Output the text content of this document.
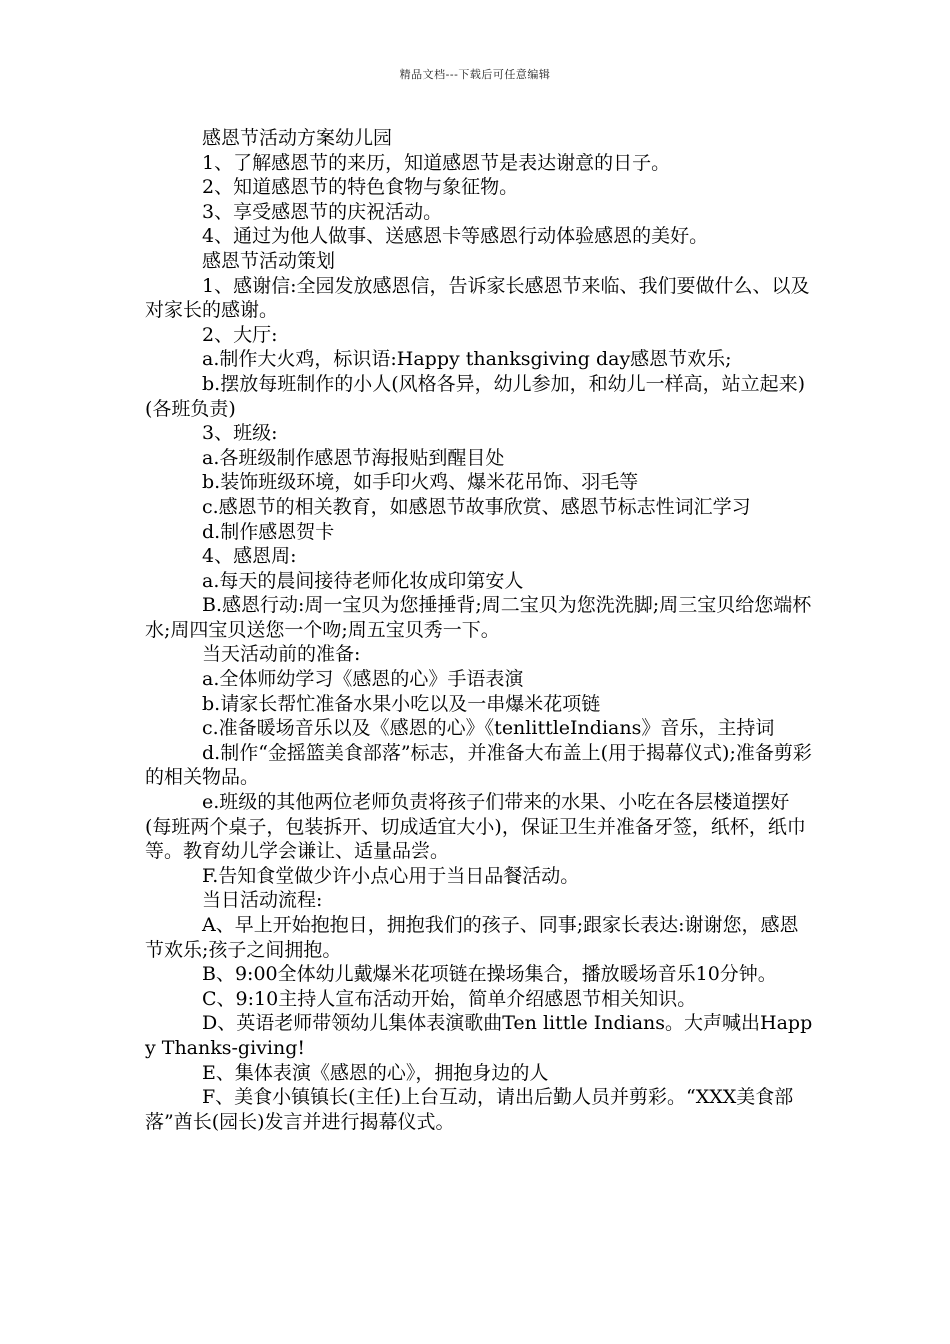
精品文档---下载后可任意编辑

感恩节活动方案幼儿园

1、了解感恩节的来历，知道感恩节是表达谢意的日子。

2、知道感恩节的特色食物与象征物。

3、享受感恩节的庆祝活动。

4、通过为他人做事、送感恩卡等感恩行动体验感恩的美好。

感恩节活动策划

1、感谢信:全园发放感恩信，告诉家长感恩节来临、我们要做什么、以及对家长的感谢。

2、大厅:

a.制作大火鸡，标识语:Happy thanksgiving day感恩节欢乐;

b.摆放每班制作的小人(风格各异，幼儿参加，和幼儿一样高，站立起来)(各班负责)

3、班级:

a.各班级制作感恩节海报贴到醒目处

b.装饰班级环境，如手印火鸡、爆米花吊饰、羽毛等

c.感恩节的相关教育，如感恩节故事欣赏、感恩节标志性词汇学习

d.制作感恩贺卡

4、感恩周:

a.每天的晨间接待老师化妆成印第安人

B.感恩行动:周一宝贝为您捶捶背;周二宝贝为您洗洗脚;周三宝贝给您端杯水;周四宝贝送您一个吻;周五宝贝秀一下。

当天活动前的准备:

a.全体师幼学习《感恩的心》手语表演

b.请家长帮忙准备水果小吃以及一串爆米花项链

c.准备暖场音乐以及《感恩的心》《tenlittleIndians》音乐，主持词

d.制作“金摇篮美食部落”标志，并准备大布盖上(用于揭幕仪式);准备剪彩的相关物品。

e.班级的其他两位老师负责将孩子们带来的水果、小吃在各层楼道摆好(每班两个桌子，包装拆开、切成适宜大小)，保证卫生并准备牙签，纸杯，纸巾等。教育幼儿学会谦让、适量品尝。

F.告知食堂做少许小点心用于当日品餐活动。

当日活动流程:

A、早上开始抱抱日，拥抱我们的孩子、同事;跟家长表达:谢谢您，感恩节欢乐;孩子之间拥抱。

B、9:00全体幼儿戴爆米花项链在操场集合，播放暖场音乐10分钟。

C、9:10主持人宣布活动开始，简单介绍感恩节相关知识。

D、英语老师带领幼儿集体表演歌曲Ten little Indians。大声喊出Happy Thanks-giving!

E、集体表演《感恩的心》，拥抱身边的人

F、美食小镇镇长(主任)上台互动，请出后勤人员并剪彩。“XXX美食部落”酋长(园长)发言并进行揭幕仪式。
